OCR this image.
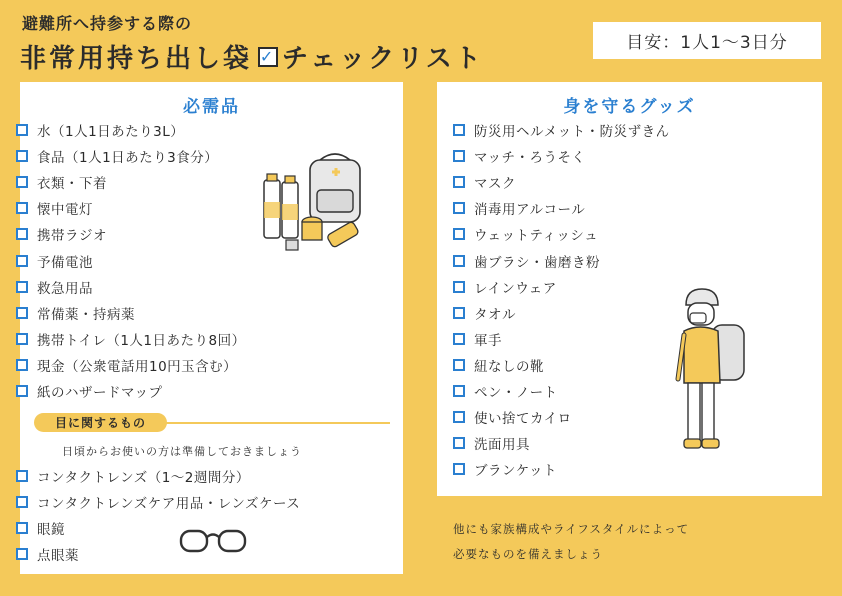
避難所へ持参する際の
非常用持ち出し袋 ✓ チェックリスト
目安：1人1〜3日分
必需品	身を守るグッズ
水（1人1日あたり3L）
食品（1人1日あたり3食分）
衣類・下着
懐中電灯
携帯ラジオ
予備電池
救急用品
常備薬・持病薬
携帯トイレ（1人1日あたり8回）
現金（公衆電話用10円玉含む）
紙のハザードマップ
目に関するもの
日頃からお使いの方は準備しておきましょう
コンタクトレンズ（1〜2週間分）
コンタクトレンズケア用品・レンズケース
眼鏡
点眼薬
防災用ヘルメット・防災ずきん
マッチ・ろうそく
マスク
消毒用アルコール
ウェットティッシュ
歯ブラシ・歯磨き粉
レインウェア
タオル
軍手
紐なしの靴
ペン・ノート
使い捨てカイロ
洗面用具
ブランケット
他にも家族構成やライフスタイルによって
必要なものを備えましょう
